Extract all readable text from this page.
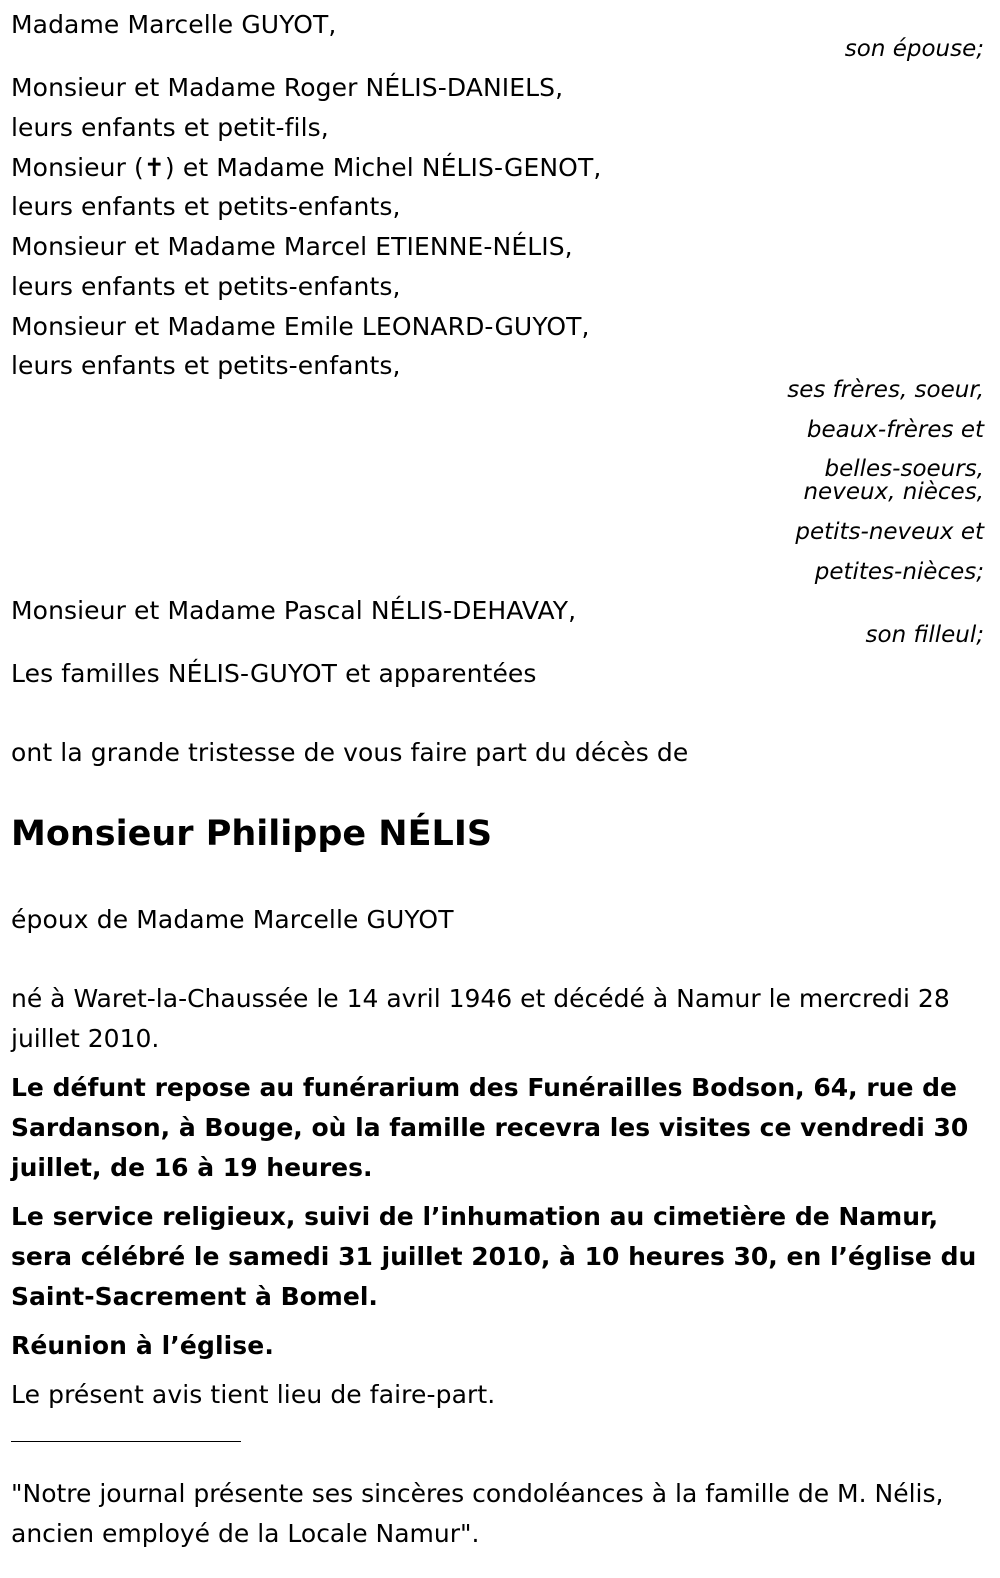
Madame Marcelle GUYOT,
son épouse;
Monsieur et Madame Roger NÉLIS-DANIELS,
leurs enfants et petit-fils,
Monsieur (✝) et Madame Michel NÉLIS-GENOT,
leurs enfants et petits-enfants,
Monsieur et Madame Marcel ETIENNE-NÉLIS,
leurs enfants et petits-enfants,
Monsieur et Madame Emile LEONARD-GUYOT,
leurs enfants et petits-enfants,
ses frères, soeur,
beaux-frères et
belles-soeurs,
neveux, nièces,
petits-neveux et
petites-nièces;
Monsieur et Madame Pascal NÉLIS-DEHAVAY,
son filleul;
Les familles NÉLIS-GUYOT et apparentées
ont la grande tristesse de vous faire part du décès de
Monsieur Philippe NÉLIS
époux de Madame Marcelle GUYOT
né à Waret-la-Chaussée le 14 avril 1946 et décédé à Namur le mercredi 28 juillet 2010.
Le défunt repose au funérarium des Funérailles Bodson, 64, rue de Sardanson, à Bouge, où la famille recevra les visites ce vendredi 30 juillet, de 16 à 19 heures.
Le service religieux, suivi de l’inhumation au cimetière de Namur, sera célébré le samedi 31 juillet 2010, à 10 heures 30, en l’église du Saint-Sacrement à Bomel.
Réunion à l’église.
Le présent avis tient lieu de faire-part.
"Notre journal présente ses sincères condoléances à la famille de M. Nélis, ancien employé de la Locale Namur".
